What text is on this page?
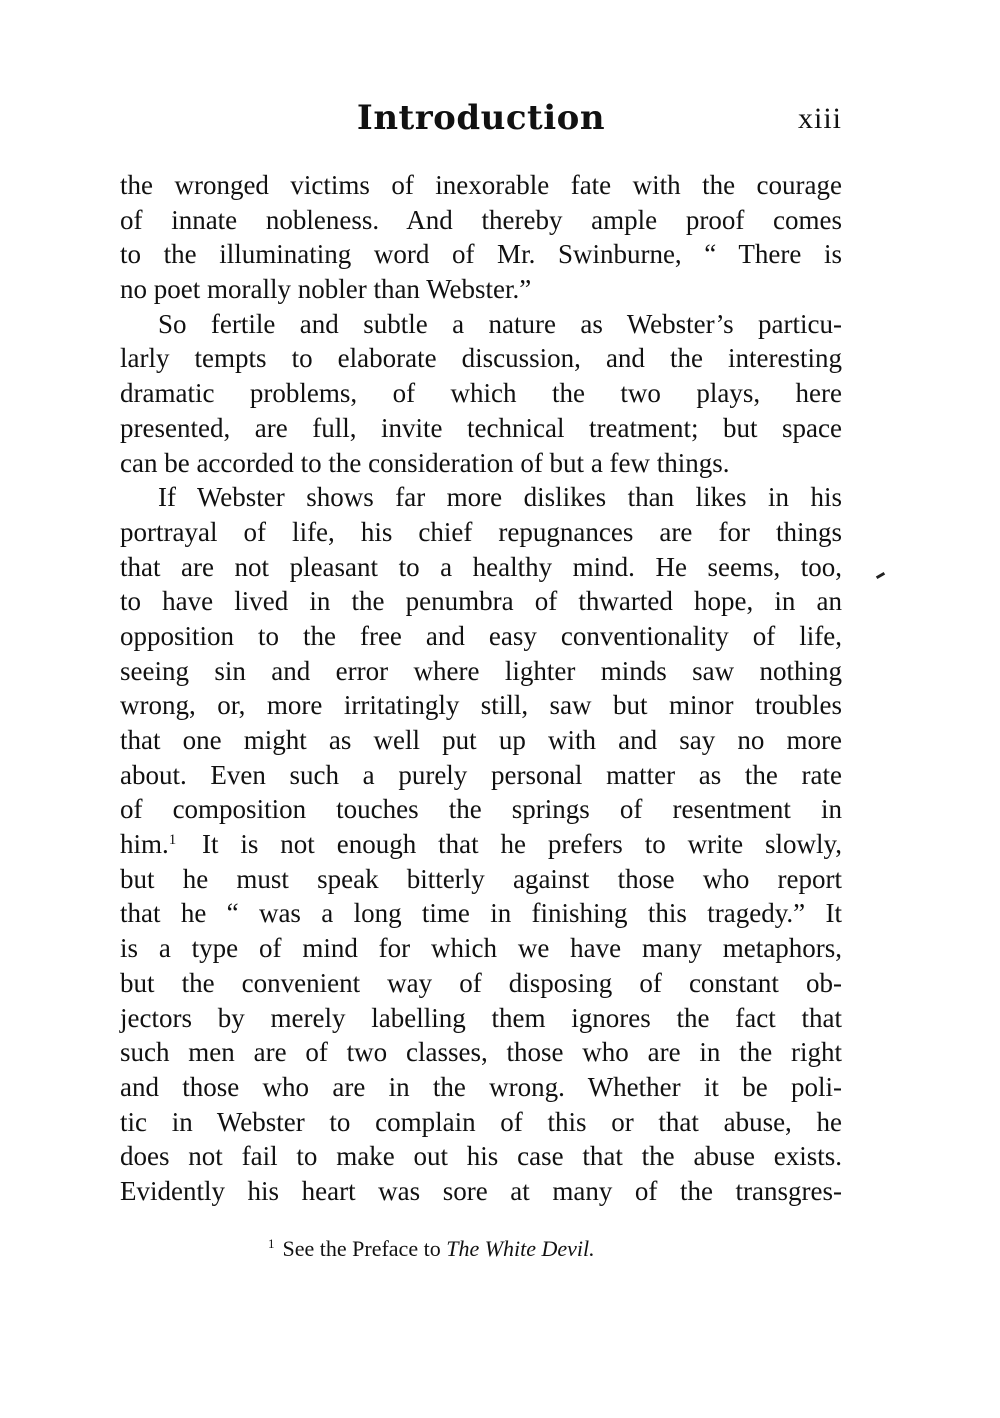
Introduction	xiii
the wronged victims of inexorable fate with the courage
of innate nobleness. And thereby ample proof comes
to the illuminating word of Mr. Swinburne, “ There is
no poet morally nobler than Webster.”
So fertile and subtle a nature as Webster’s particu-
larly tempts to elaborate discussion, and the interesting
dramatic problems, of which the two plays, here
presented, are full, invite technical treatment; but space
can be accorded to the consideration of but a few things.
If Webster shows far more dislikes than likes in his
portrayal of life, his chief repugnances are for things
that are not pleasant to a healthy mind. He seems, too,
to have lived in the penumbra of thwarted hope, in an
opposition to the free and easy conventionality of life,
seeing sin and error where lighter minds saw nothing
wrong, or, more irritatingly still, saw but minor troubles
that one might as well put up with and say no more
about. Even such a purely personal matter as the rate
of composition touches the springs of resentment in
him.$^1$ It is not enough that he prefers to write slowly,
but he must speak bitterly against those who report
that he “ was a long time in finishing this tragedy.” It
is a type of mind for which we have many metaphors,
but the convenient way of disposing of constant ob-
jectors by merely labelling them ignores the fact that
such men are of two classes, those who are in the right
and those who are in the wrong. Whether it be poli-
tic in Webster to complain of this or that abuse, he
does not fail to make out his case that the abuse exists.
Evidently his heart was sore at many of the transgres-
$^1$ See the Preface to The White Devil.
